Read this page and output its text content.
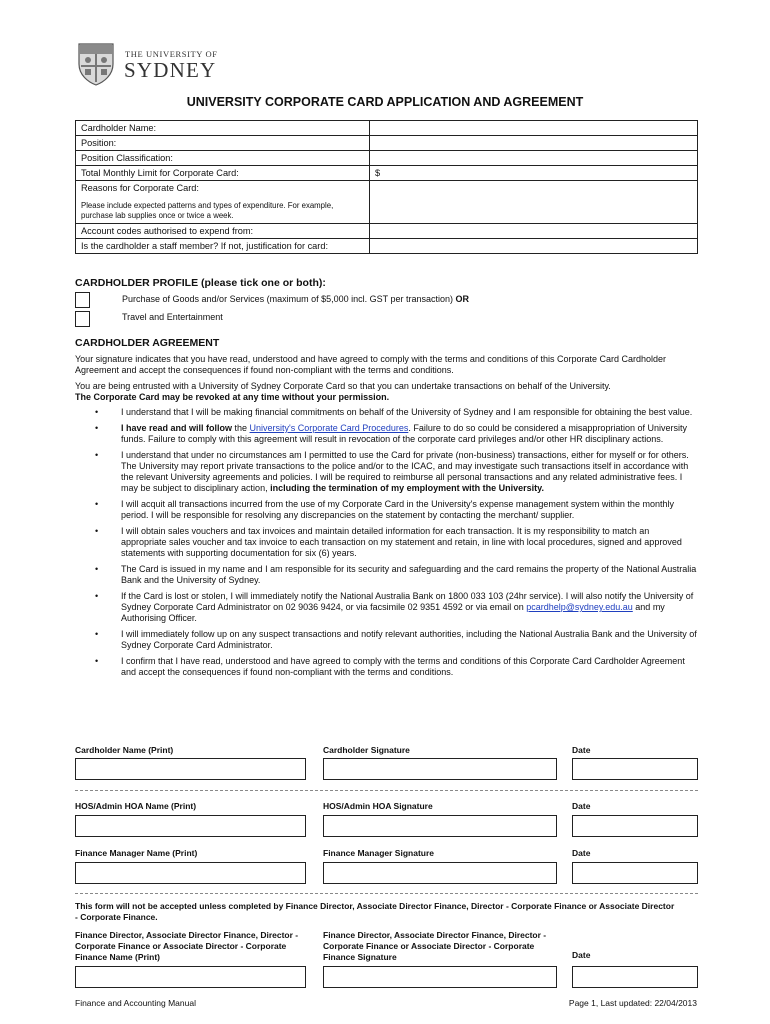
THE UNIVERSITY OF
SYDNEY
UNIVERSITY CORPORATE CARD APPLICATION AND AGREEMENT
Cardholder Name:	
Position:	
Position Classification:	
Total Monthly Limit for Corporate Card:	$
Reasons for Corporate Card:
Please include expected patterns and types of expenditure. For example, purchase lab supplies once or twice a week.	

Account codes authorised to expend from:	
Is the cardholder a staff member? If not, justification for card:	
CARDHOLDER PROFILE (please tick one or both):
Purchase of Goods and/or Services (maximum of $5,000 incl. GST per transaction) OR
Travel and Entertainment
CARDHOLDER AGREEMENT
Your signature indicates that you have read, understood and have agreed to comply with the terms and conditions of this Corporate Card Cardholder Agreement and accept the consequences if found non-compliant with the terms and conditions.
You are being entrusted with a University of Sydney Corporate Card so that you can undertake transactions on behalf of the University.
The Corporate Card may be revoked at any time without your permission.
•	I understand that I will be making financial commitments on behalf of the University of Sydney and I am responsible for obtaining the best value.
•	I have read and will follow the University's Corporate Card Procedures. Failure to do so could be considered a misappropriation of University funds. Failure to comply with this agreement will result in revocation of the corporate card privileges and/or other HR disciplinary actions.
•	I understand that under no circumstances am I permitted to use the Card for private (non-business) transactions, either for myself or for others. The University may report private transactions to the police and/or to the ICAC, and may investigate such transactions itself in accordance with the relevant University agreements and policies. I will be required to reimburse all personal transactions and any related administrative fees. I may be subject to disciplinary action, including the termination of my employment with the University.
•	I will acquit all transactions incurred from the use of my Corporate Card in the University's expense management system within the monthly period. I will be responsible for resolving any discrepancies on the statement by contacting the merchant/ supplier.
•	I will obtain sales vouchers and tax invoices and maintain detailed information for each transaction. It is my responsibility to match an appropriate sales voucher and tax invoice to each transaction on my statement and retain, in line with local procedures, signed and approved statements with supporting documentation for six (6) years.
•	The Card is issued in my name and I am responsible for its security and safeguarding and the card remains the property of the National Australia Bank and the University of Sydney.
•	If the Card is lost or stolen, I will immediately notify the National Australia Bank on 1800 033 103 (24hr service). I will also notify the University of Sydney Corporate Card Administrator on 02 9036 9424, or via facsimile 02 9351 4592 or via email on pcardhelp@sydney.edu.au and my Authorising Officer.
•	I will immediately follow up on any suspect transactions and notify relevant authorities, including the National Australia Bank and the University of Sydney Corporate Card Administrator.
•	I confirm that I have read, understood and have agreed to comply with the terms and conditions of this Corporate Card Cardholder Agreement and accept the consequences if found non-compliant with the terms and conditions.
Cardholder Name (Print)	Cardholder Signature	Date
HOS/Admin HOA Name (Print)	HOS/Admin HOA Signature	Date
Finance Manager Name (Print)	Finance Manager Signature	Date
This form will not be accepted unless completed by Finance Director, Associate Director Finance, Director - Corporate Finance or Associate Director - Corporate Finance.
Finance Director, Associate Director Finance, Director - Corporate Finance or Associate Director - Corporate Finance Name (Print)
Finance Director, Associate Director Finance, Director - Corporate Finance or Associate Director - Corporate Finance Signature	Date
Finance and Accounting Manual	Page 1, Last updated: 22/04/2013
